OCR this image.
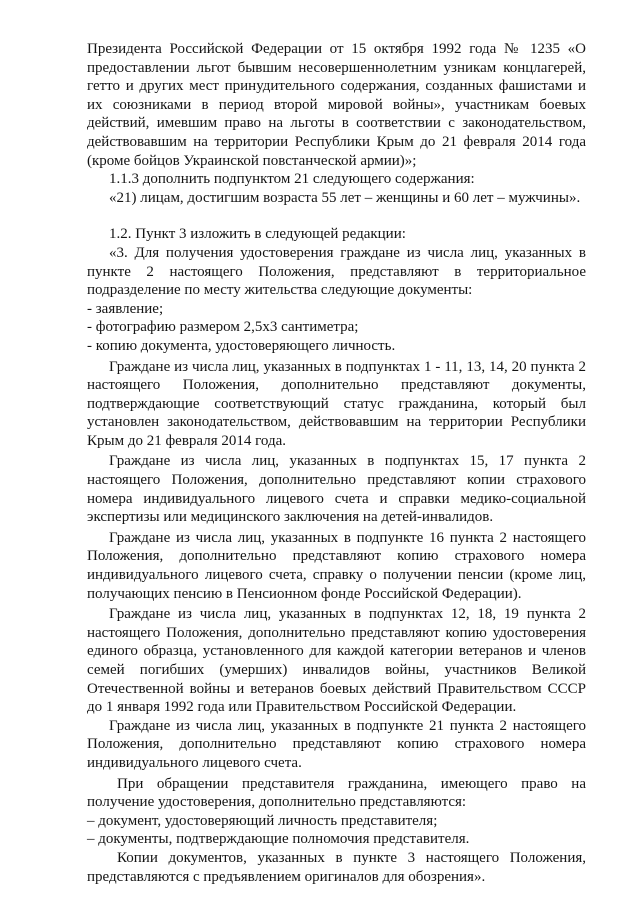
Президента Российской Федерации от 15 октября 1992 года № 1235 «О предоставлении льгот бывшим несовершеннолетним узникам концлагерей, гетто и других мест принудительного содержания, созданных фашистами и их союзниками в период второй мировой войны», участникам боевых действий, имевшим право на льготы в соответствии с законодательством, действовавшим на территории Республики Крым до 21 февраля 2014 года (кроме бойцов Украинской повстанческой армии)»;

1.1.3 дополнить подпунктом 21 следующего содержания:

«21) лицам, достигшим возраста 55 лет – женщины и 60 лет – мужчины».

1.2. Пункт 3 изложить в следующей редакции:

«3. Для получения удостоверения граждане из числа лиц, указанных в пункте 2 настоящего Положения, представляют в территориальное подразделение по месту жительства следующие документы:

- заявление;

- фотографию размером 2,5х3 сантиметра;

- копию документа, удостоверяющего личность.

Граждане из числа лиц, указанных в подпунктах 1 - 11, 13, 14, 20 пункта 2 настоящего Положения, дополнительно представляют документы, подтверждающие соответствующий статус гражданина, который был установлен законодательством, действовавшим на территории Республики Крым до 21 февраля 2014 года.

Граждане из числа лиц, указанных в подпунктах 15, 17 пункта 2 настоящего Положения, дополнительно представляют копии страхового номера индивидуального лицевого счета и справки медико-социальной экспертизы или медицинского заключения на детей-инвалидов.

Граждане из числа лиц, указанных в подпункте 16 пункта 2 настоящего Положения, дополнительно представляют копию страхового номера индивидуального лицевого счета, справку о получении пенсии (кроме лиц, получающих пенсию в Пенсионном фонде Российской Федерации).

Граждане из числа лиц, указанных в подпунктах 12, 18, 19 пункта 2 настоящего Положения, дополнительно представляют копию удостоверения единого образца, установленного для каждой категории ветеранов и членов семей погибших (умерших) инвалидов войны, участников Великой Отечественной войны и ветеранов боевых действий Правительством СССР до 1 января 1992 года или Правительством Российской Федерации.

Граждане из числа лиц, указанных в подпункте 21 пункта 2 настоящего Положения, дополнительно представляют копию страхового номера индивидуального лицевого счета.

При обращении представителя гражданина, имеющего право на получение удостоверения, дополнительно представляются:

– документ, удостоверяющий личность представителя;

– документы, подтверждающие полномочия представителя.

Копии документов, указанных в пункте 3 настоящего Положения, представляются с предъявлением оригиналов для обозрения».
